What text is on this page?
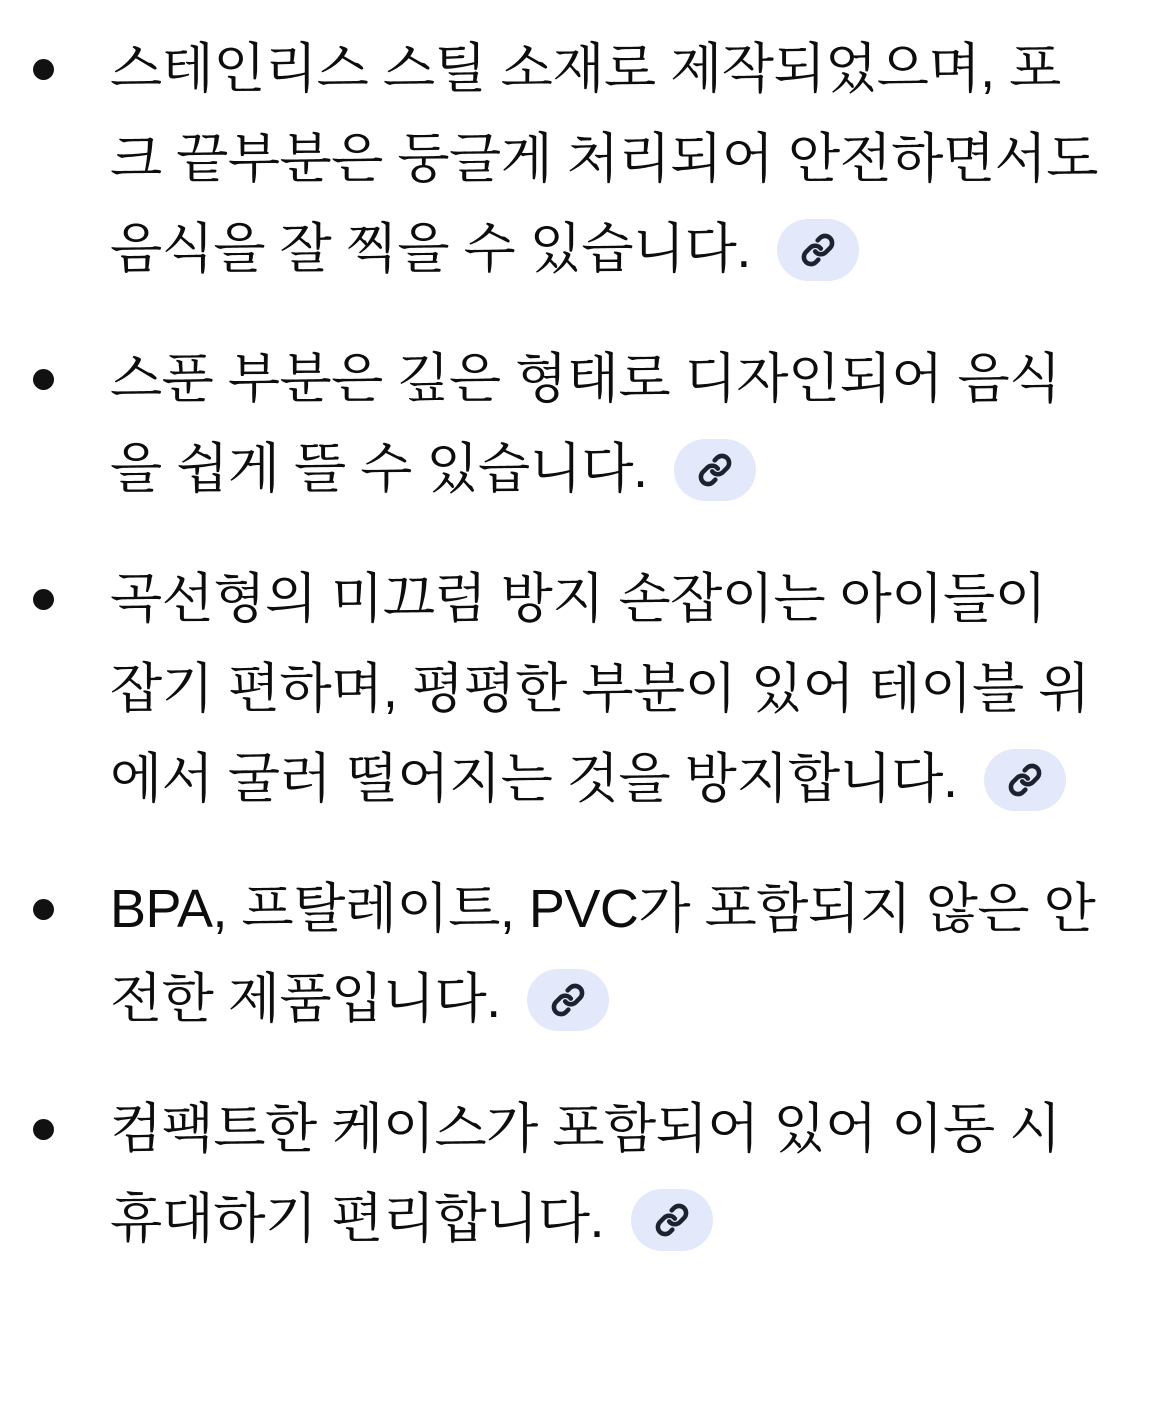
스테인리스 스틸 소재로 제작되었으며, 포크 끝부분은 둥글게 처리되어 안전하면서도 음식을 잘 찍을 수 있습니다.
스푼 부분은 깊은 형태로 디자인되어 음식을 쉽게 뜰 수 있습니다.
곡선형의 미끄럼 방지 손잡이는 아이들이 잡기 편하며, 평평한 부분이 있어 테이블 위에서 굴러 떨어지는 것을 방지합니다.
BPA, 프탈레이트, PVC가 포함되지 않은 안전한 제품입니다.
컴팩트한 케이스가 포함되어 있어 이동 시 휴대하기 편리합니다.
